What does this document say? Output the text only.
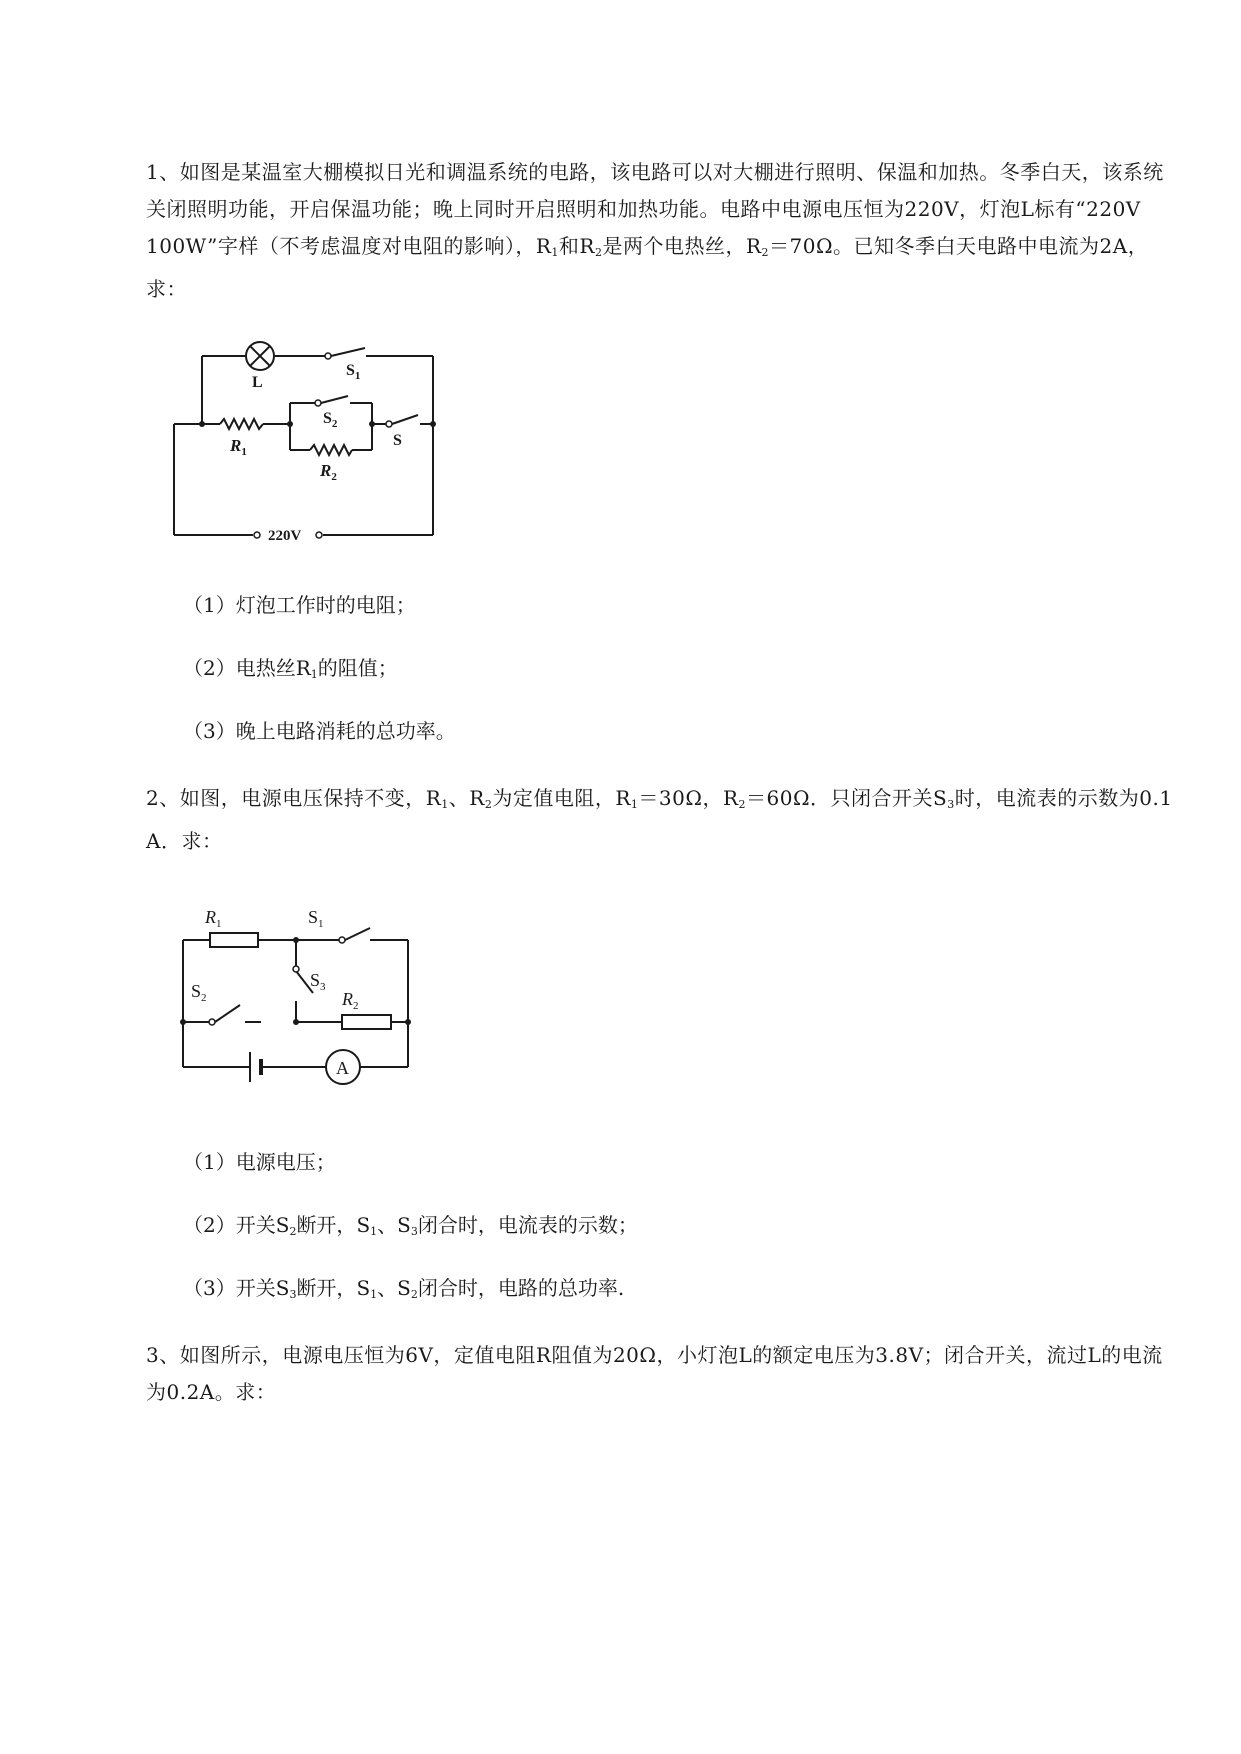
1、如图是某温室大棚模拟日光和调温系统的电路，该电路可以对大棚进行照明、保温和加热。冬季白天，该系统关闭照明功能，开启保温功能；晚上同时开启照明和加热功能。电路中电源电压恒为220V，灯泡L标有“220V　100W”字样（不考虑温度对电阻的影响），$R_1$和$R_2$是两个电热丝，$R_2=70\Omega$。已知冬季白天电路中电流为2A，求：
L
$S_1$
$S_2$
S
$R_1$
$R_2$
220V
（1）灯泡工作时的电阻；
（2）电热丝$R_1$的阻值；
（3）晚上电路消耗的总功率。
2、如图，电源电压保持不变，$R_1$、$R_2$为定值电阻，$R_1=30\Omega$，$R_2=60\Omega$．只闭合开关$S_3$时，电流表的示数为0.1 A．求：
$R_1$	$S_1$
$S_3$
$S_2$	$R_2$
A
（1）电源电压；
（2）开关$S_2$断开，$S_1$、$S_3$闭合时，电流表的示数；
（3）开关$S_3$断开，$S_1$、$S_2$闭合时，电路的总功率.
3、如图所示，电源电压恒为6V，定值电阻R阻值为20Ω，小灯泡L的额定电压为3.8V；闭合开关，流过L的电流为0.2A。求：
